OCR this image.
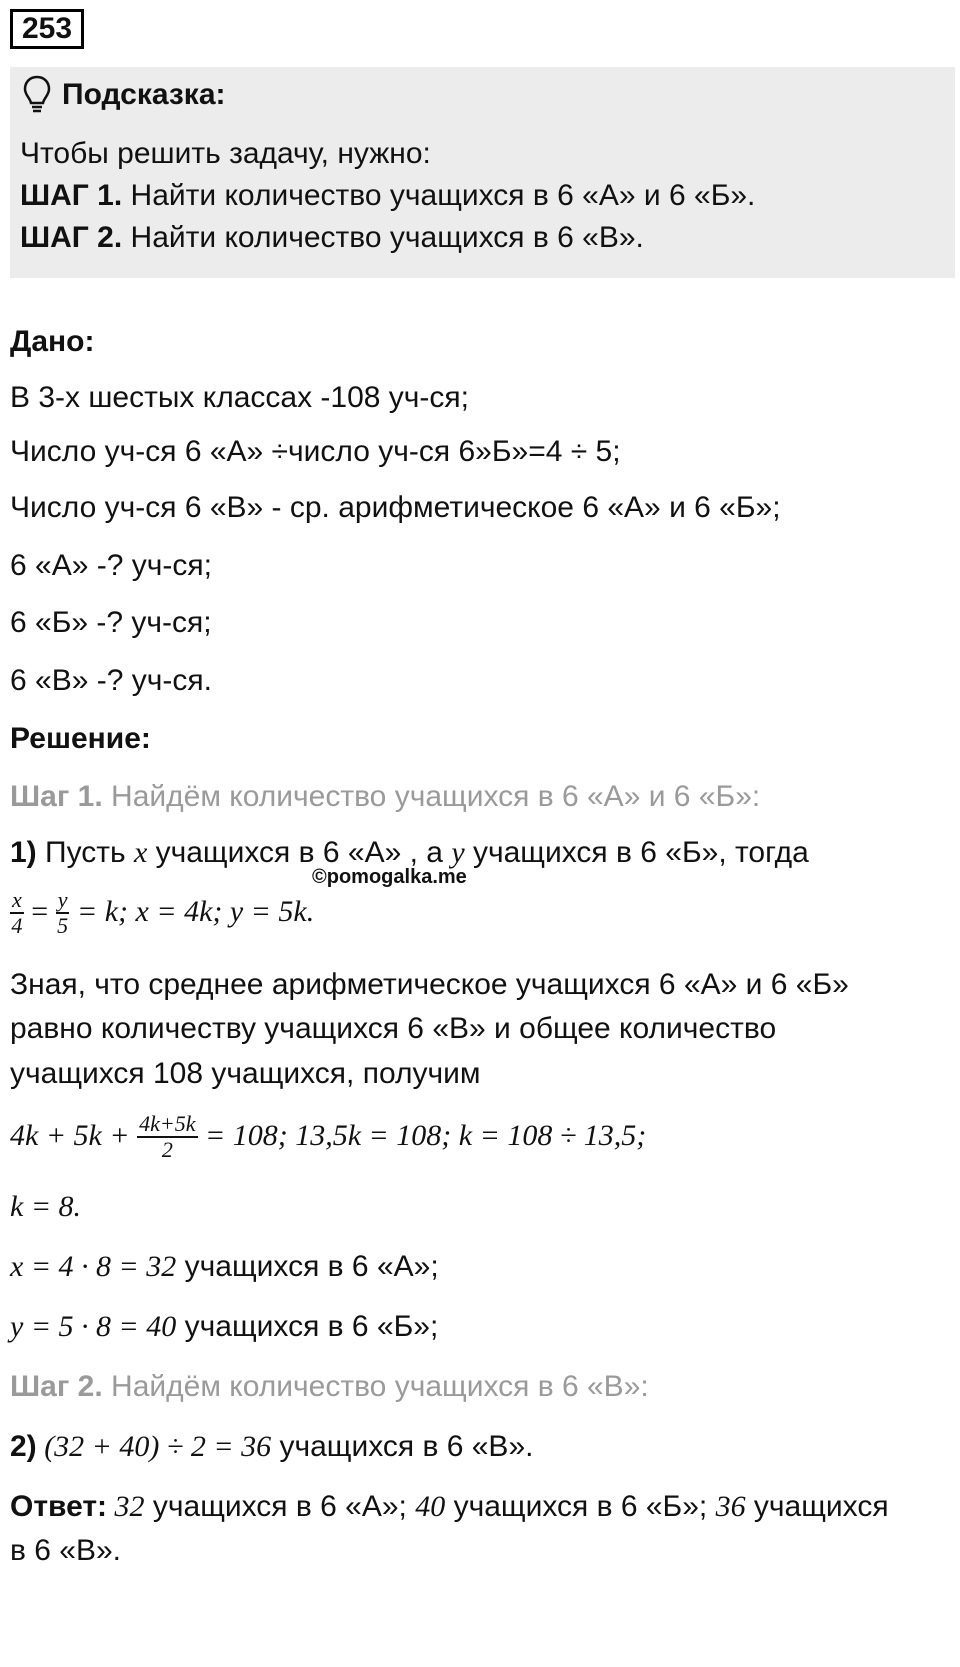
253
Подсказка:
Чтобы решить задачу, нужно:
ШАГ 1. Найти количество учащихся в 6 «А» и 6 «Б».
ШАГ 2. Найти количество учащихся в 6 «В».
Дано:
В 3-х шестых классах -108 уч-ся;
Число уч-ся 6 «А» ÷число уч-ся 6»Б»=4 ÷ 5;
Число уч-ся 6 «В» - ср. арифметическое 6 «А» и 6 «Б»;
6 «А» -? уч-ся;
6 «Б» -? уч-ся;
6 «В» -? уч-ся.
Решение:
Шаг 1. Найдём количество учащихся в 6 «А» и 6 «Б»:
©pomogalka.me
1) Пусть x учащихся в 6 «А» , а y учащихся в 6 «Б», тогда
$\frac{x}{4} = \frac{y}{5} = k$; x = 4k; y = 5k.
Зная, что среднее арифметическое учащихся 6 «А» и 6 «Б»
равно количеству учащихся 6 «В» и общее количество
учащихся 108 учащихся, получим
$4k + 5k + \frac{4k+5k}{2} = 108$; 13,5k = 108; k = 108 ÷ 13,5;
k = 8.
x = 4 · 8 = 32 учащихся в 6 «А»;
y = 5 · 8 = 40 учащихся в 6 «Б»;
Шаг 2. Найдём количество учащихся в 6 «В»:
2) (32 + 40) ÷ 2 = 36 учащихся в 6 «В».
Ответ: 32 учащихся в 6 «А»; 40 учащихся в 6 «Б»; 36 учащихся
в 6 «В».
